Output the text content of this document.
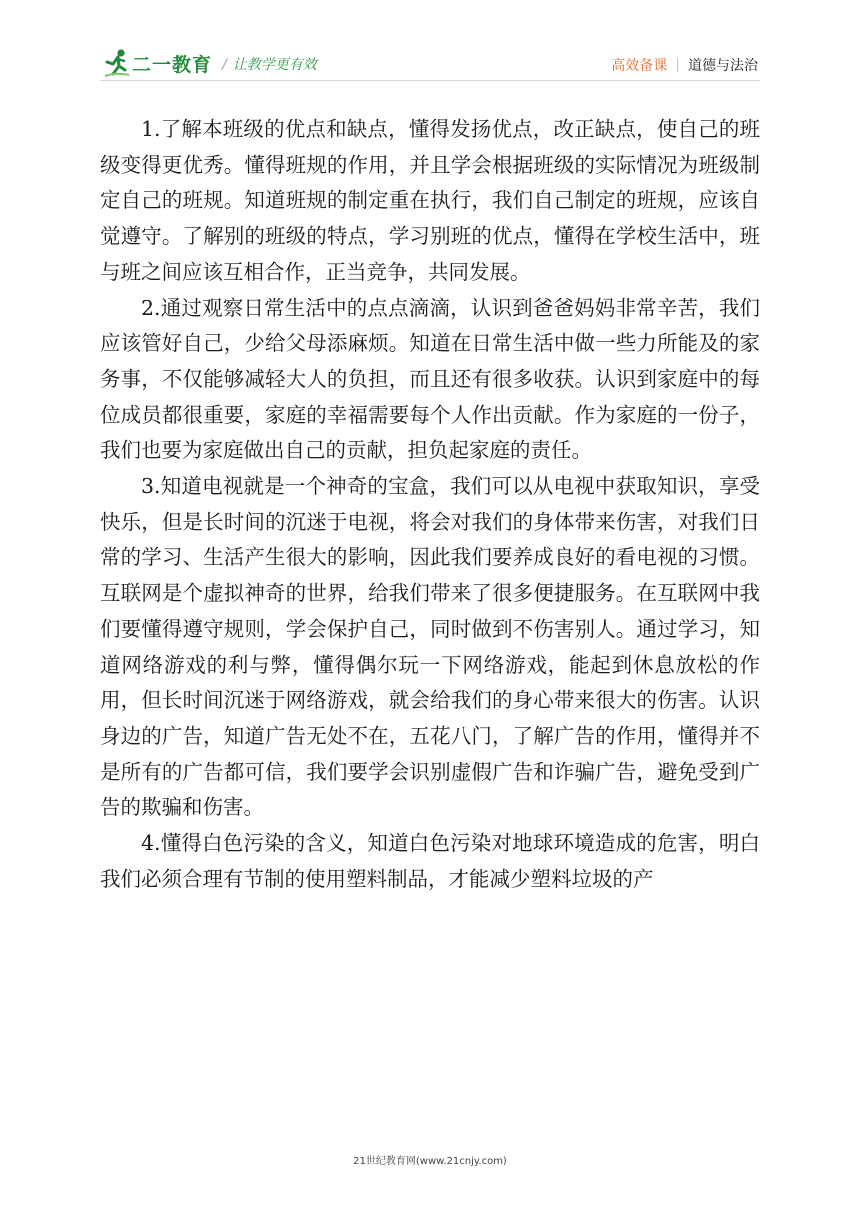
二一教育 / 让教学更有效	高效备课 | 道德与法治

1.了解本班级的优点和缺点，懂得发扬优点，改正缺点，使自己的班级变得更优秀。懂得班规的作用，并且学会根据班级的实际情况为班级制定自己的班规。知道班规的制定重在执行，我们自己制定的班规，应该自觉遵守。了解别的班级的特点，学习别班的优点，懂得在学校生活中，班与班之间应该互相合作，正当竞争，共同发展。

2.通过观察日常生活中的点点滴滴，认识到爸爸妈妈非常辛苦，我们应该管好自己，少给父母添麻烦。知道在日常生活中做一些力所能及的家务事，不仅能够减轻大人的负担，而且还有很多收获。认识到家庭中的每位成员都很重要，家庭的幸福需要每个人作出贡献。作为家庭的一份子，我们也要为家庭做出自己的贡献，担负起家庭的责任。

3.知道电视就是一个神奇的宝盒，我们可以从电视中获取知识，享受快乐，但是长时间的沉迷于电视，将会对我们的身体带来伤害，对我们日常的学习、生活产生很大的影响，因此我们要养成良好的看电视的习惯。互联网是个虚拟神奇的世界，给我们带来了很多便捷服务。在互联网中我们要懂得遵守规则，学会保护自己，同时做到不伤害别人。通过学习，知道网络游戏的利与弊，懂得偶尔玩一下网络游戏，能起到休息放松的作用，但长时间沉迷于网络游戏，就会给我们的身心带来很大的伤害。认识身边的广告，知道广告无处不在，五花八门，了解广告的作用，懂得并不是所有的广告都可信，我们要学会识别虚假广告和诈骗广告，避免受到广告的欺骗和伤害。

4.懂得白色污染的含义，知道白色污染对地球环境造成的危害，明白我们必须合理有节制的使用塑料制品，才能减少塑料垃圾的产

21世纪教育网(www.21cnjy.com)
